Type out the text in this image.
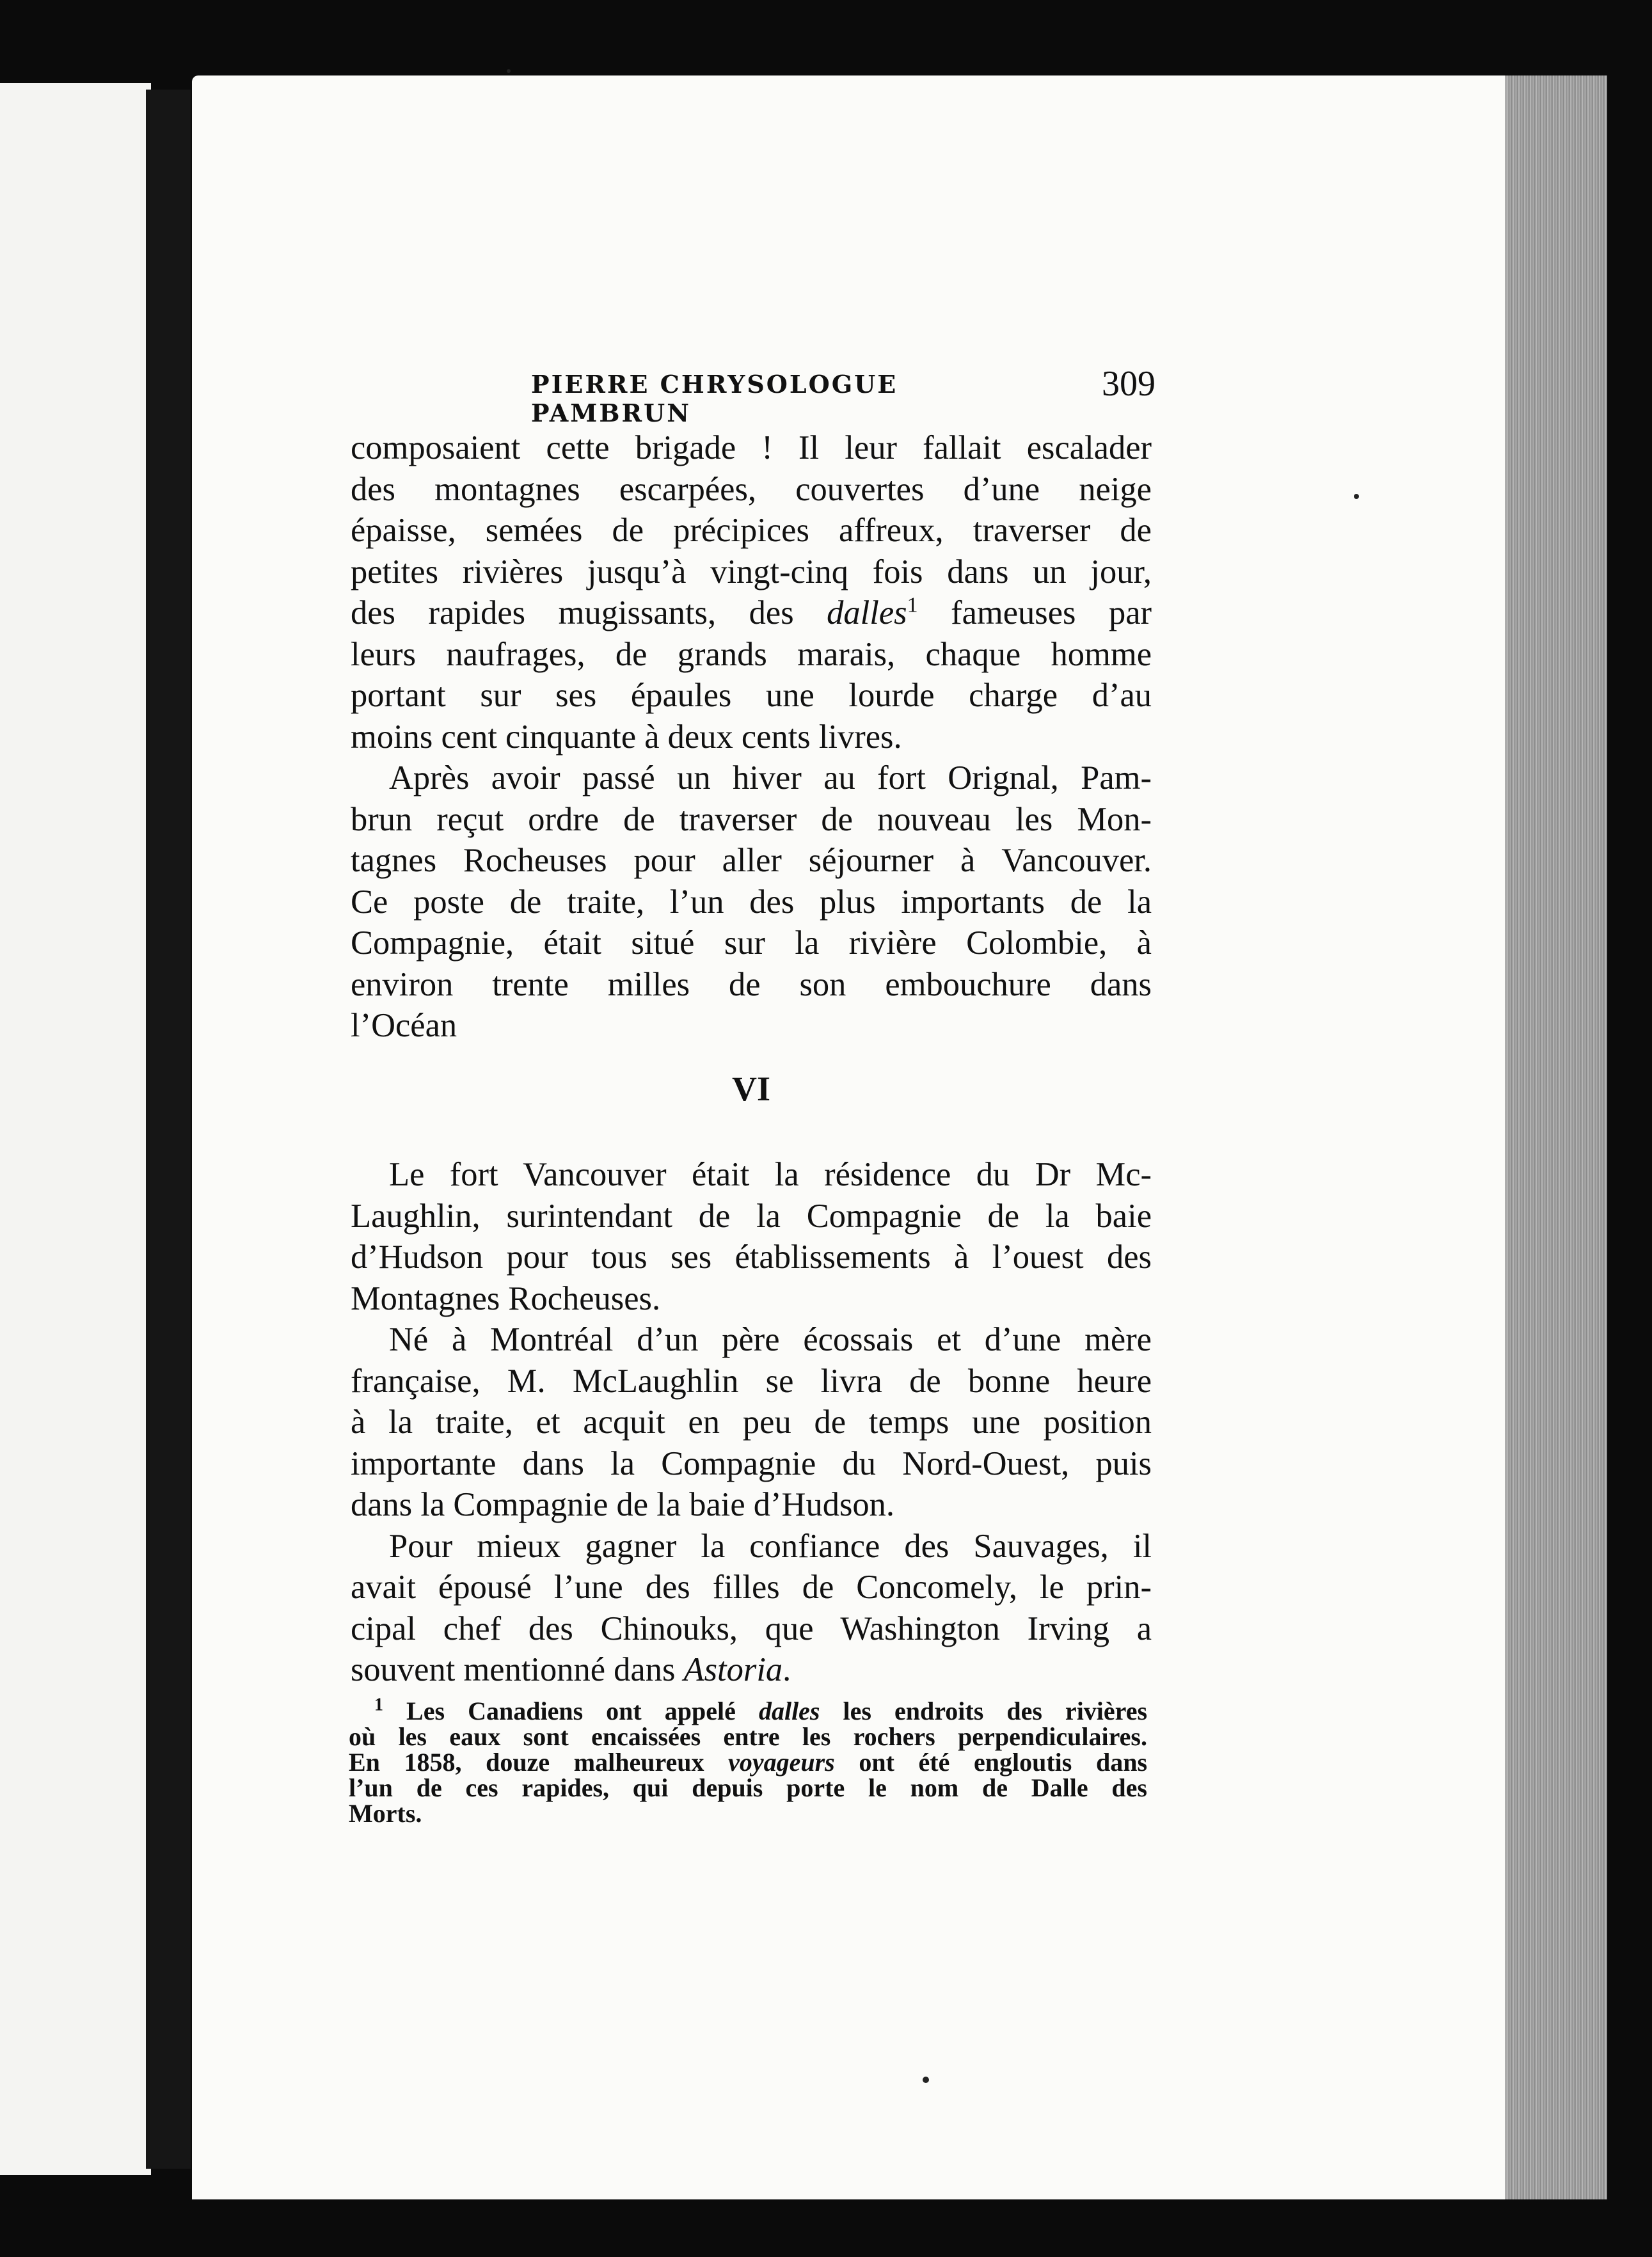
PIERRE CHRYSOLOGUE PAMBRUN
309

composaient cette brigade ! Il leur fallait escalader
des montagnes escarpées, couvertes d’une neige
épaisse, semées de précipices affreux, traverser de
petites rivières jusqu’à vingt-cinq fois dans un jour,
des rapides mugissants, des dalles$^1$ fameuses par
leurs naufrages, de grands marais, chaque homme
portant sur ses épaules une lourde charge d’au
moins cent cinquante à deux cents livres.

Après avoir passé un hiver au fort Orignal, Pam-
brun reçut ordre de traverser de nouveau les Mon-
tagnes Rocheuses pour aller séjourner à Vancouver.
Ce poste de traite, l’un des plus importants de la
Compagnie, était situé sur la rivière Colombie, à
environ trente milles de son embouchure dans
l’Océan

VI

Le fort Vancouver était la résidence du Dr Mc-
Laughlin, surintendant de la Compagnie de la baie
d’Hudson pour tous ses établissements à l’ouest des
Montagnes Rocheuses.

Né à Montréal d’un père écossais et d’une mère
française, M. McLaughlin se livra de bonne heure
à la traite, et acquit en peu de temps une position
importante dans la Compagnie du Nord-Ouest, puis
dans la Compagnie de la baie d’Hudson.

Pour mieux gagner la confiance des Sauvages, il
avait épousé l’une des filles de Concomely, le prin-
cipal chef des Chinouks, que Washington Irving a
souvent mentionné dans Astoria.

$^1$ Les Canadiens ont appelé dalles les endroits des rivières
où les eaux sont encaissées entre les rochers perpendiculaires.
En 1858, douze malheureux voyageurs ont été engloutis dans
l’un de ces rapides, qui depuis porte le nom de Dalle des
Morts.
